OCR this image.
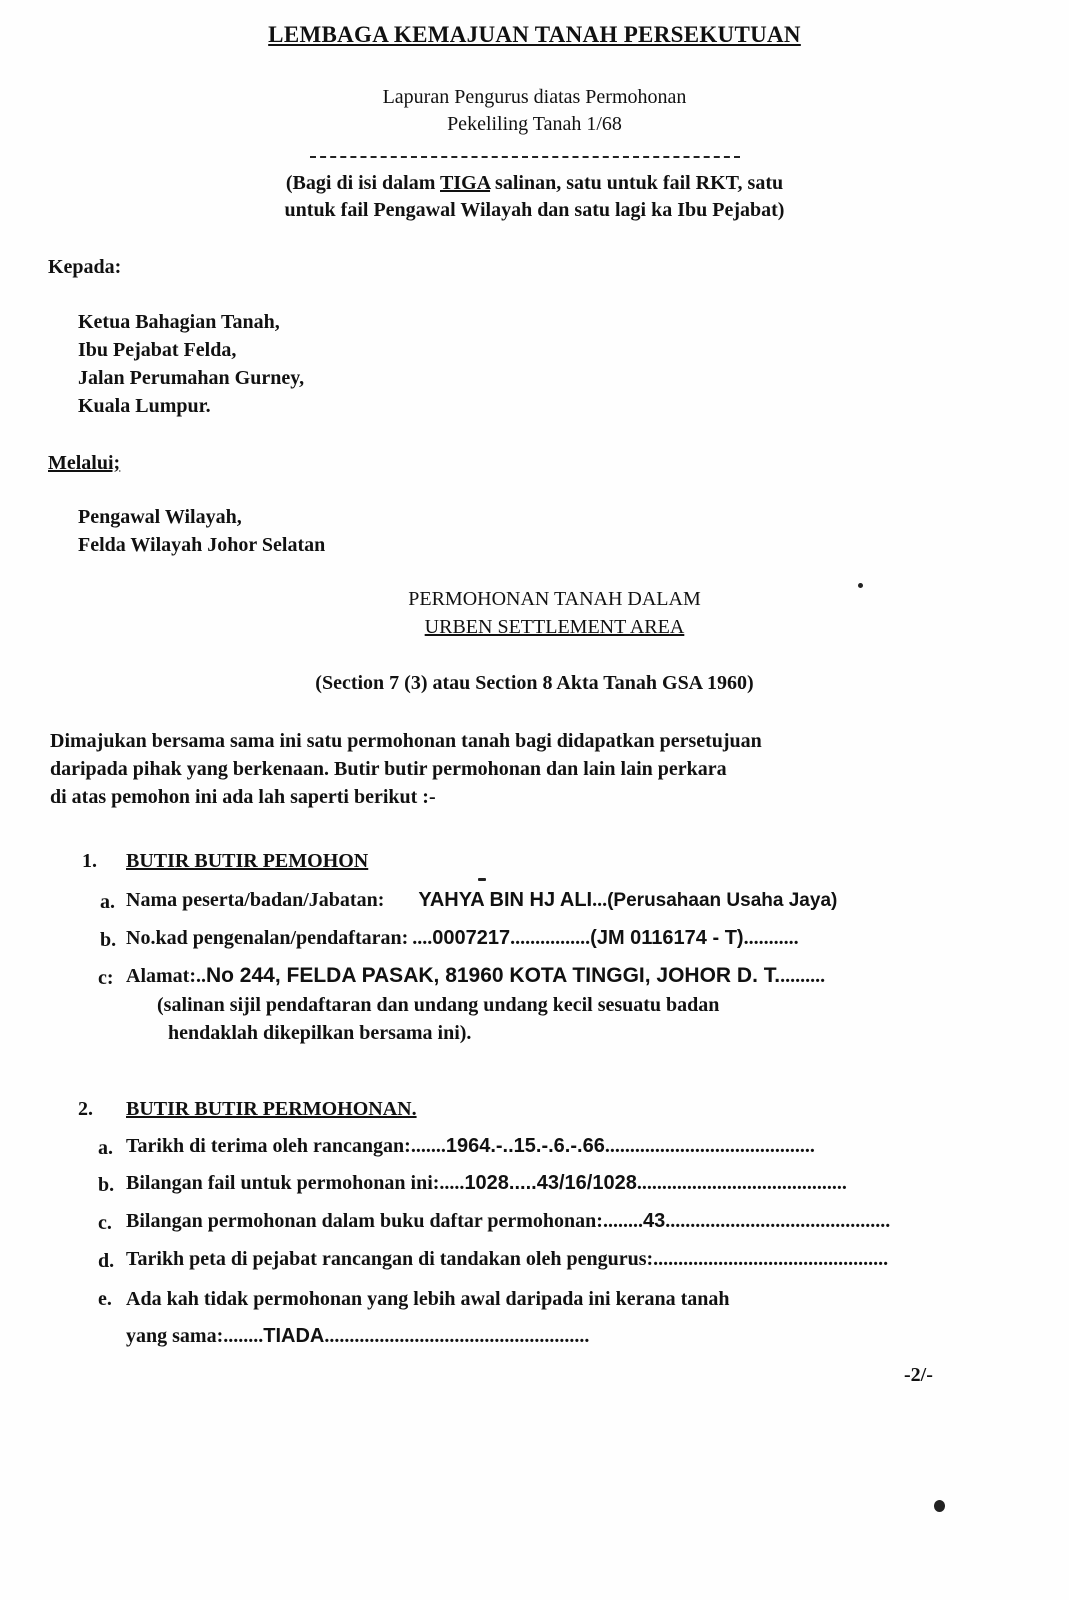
LEMBAGA KEMAJUAN TANAH PERSEKUTUAN
Lapuran Pengurus diatas Permohonan
Pekeliling Tanah 1/68
(Bagi di isi dalam TIGA salinan, satu untuk fail RKT, satu
untuk fail Pengawal Wilayah dan satu lagi ka Ibu Pejabat)
Kepada:
Ketua Bahagian Tanah,
Ibu Pejabat Felda,
Jalan Perumahan Gurney,
Kuala Lumpur.
Melalui;
Pengawal Wilayah,
Felda Wilayah Johor Selatan
PERMOHONAN TANAH DALAM
URBEN SETTLEMENT AREA
(Section 7 (3) atau Section 8 Akta Tanah GSA 1960)
Dimajukan bersama sama ini satu permohonan tanah bagi didapatkan persetujuan
daripada pihak yang berkenaan. Butir butir permohonan dan lain lain perkara
di atas pemohon ini ada lah saperti berikut :-
1. BUTIR BUTIR PEMOHON
a. Nama peserta/badan/Jabatan: YAHYA BIN HJ ALI...(Perusahaan Usaha Jaya)
b. No.kad pengenalan/pendaftaran: ....0007217................(JM 0116174 - T)...........
c: Alamat:..No 244, FELDA PASAK, 81960 KOTA TINGGI, JOHOR D. T..........
(salinan sijil pendaftaran dan undang undang kecil sesuatu badan
hendaklah dikepilkan bersama ini).
2. BUTIR BUTIR PERMOHONAN.
a. Tarikh di terima oleh rancangan:.......1964.-..15.-.6.-.66..........................................
b. Bilangan fail untuk permohonan ini:.....1028.....43/16/1028..........................................
c. Bilangan permohonan dalam buku daftar permohonan:........43.............................................
d. Tarikh peta di pejabat rancangan di tandakan oleh pengurus:...............................................
e. Ada kah tidak permohonan yang lebih awal daripada ini kerana tanah
yang sama:........TIADA.....................................................
-2/-
